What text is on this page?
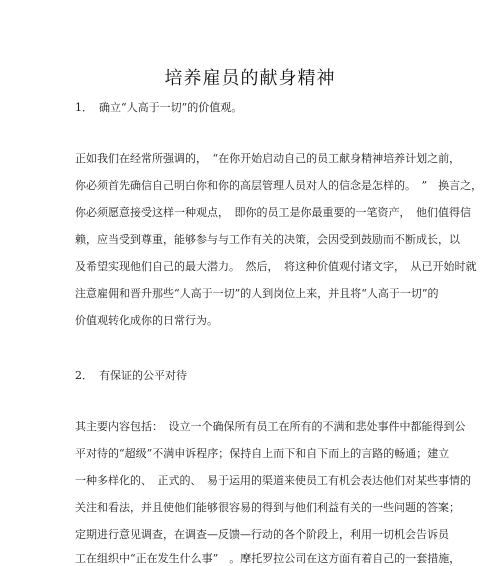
培养雇员的献身精神
1． 确立“人高于一切”的价值观。
正如我们在经常所强调的，　“在你开始启动自己的员工献身精神培养计划之前，
你必须首先确信自己明白你和你的高层管理人员对人的信念是怎样的。　”　换言之，
你必须愿意接受这样一种观点，　即你的员工是你最重要的一笔资产，　他们值得信
赖，应当受到尊重，能够参与与工作有关的决策，会因受到鼓励而不断成长，以
及希望实现他们自己的最大潜力。　然后，　将这种价值观付诸文字，　从已开始时就
注意雇佣和晋升那些“人高于一切”的人到岗位上来，并且将“人高于一切”的
价值观转化成你的日常行为。
2． 有保证的公平对待
其主要内容包括：　设立一个确保所有员工在所有的不满和悲处事件中都能得到公
平对待的“超级”不满申诉程序；保持自上而下和自下而上的言路的畅通；建立
一种多样化的、　正式的、　易于运用的渠道来使员工有机会表达他们对某些事情的
关注和看法，并且使他们能够很容易的得到与他们利益有关的一些问题的答案；
定期进行意见调查，在调查—反馈—行动的各个阶段上，利用一切机会告诉员
工在组织中“正在发生什么事”　。摩托罗拉公司在这方面有着自己的一套措施，
